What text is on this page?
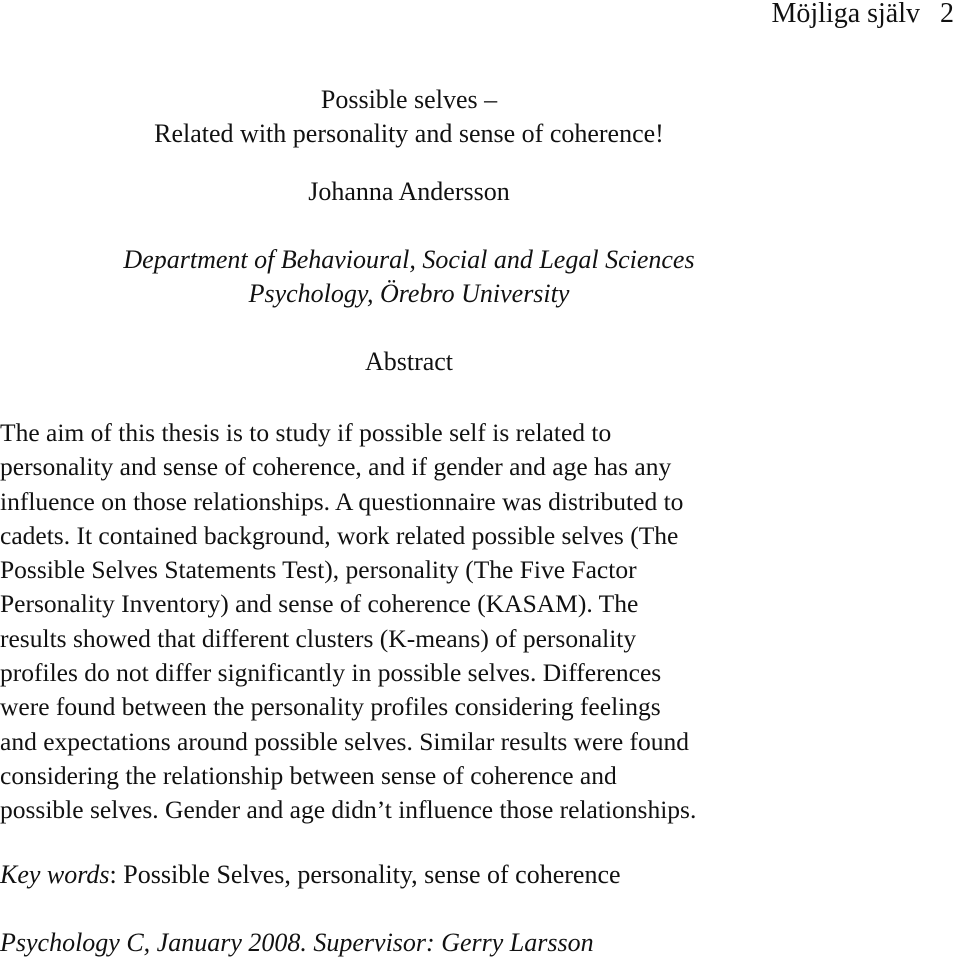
Möjliga själv 2
Possible selves –
Related with personality and sense of coherence!
Johanna Andersson
Department of Behavioural, Social and Legal Sciences
Psychology, Örebro University
Abstract

The aim of this thesis is to study if possible self is related to
personality and sense of coherence, and if gender and age has any
influence on those relationships. A questionnaire was distributed to
cadets. It contained background, work related possible selves (The
Possible Selves Statements Test), personality (The Five Factor
Personality Inventory) and sense of coherence (KASAM). The
results showed that different clusters (K-means) of personality
profiles do not differ significantly in possible selves. Differences
were found between the personality profiles considering feelings
and expectations around possible selves. Similar results were found
considering the relationship between sense of coherence and
possible selves. Gender and age didn’t influence those relationships.

Key words: Possible Selves, personality, sense of coherence

Psychology C, January 2008. Supervisor: Gerry Larsson
